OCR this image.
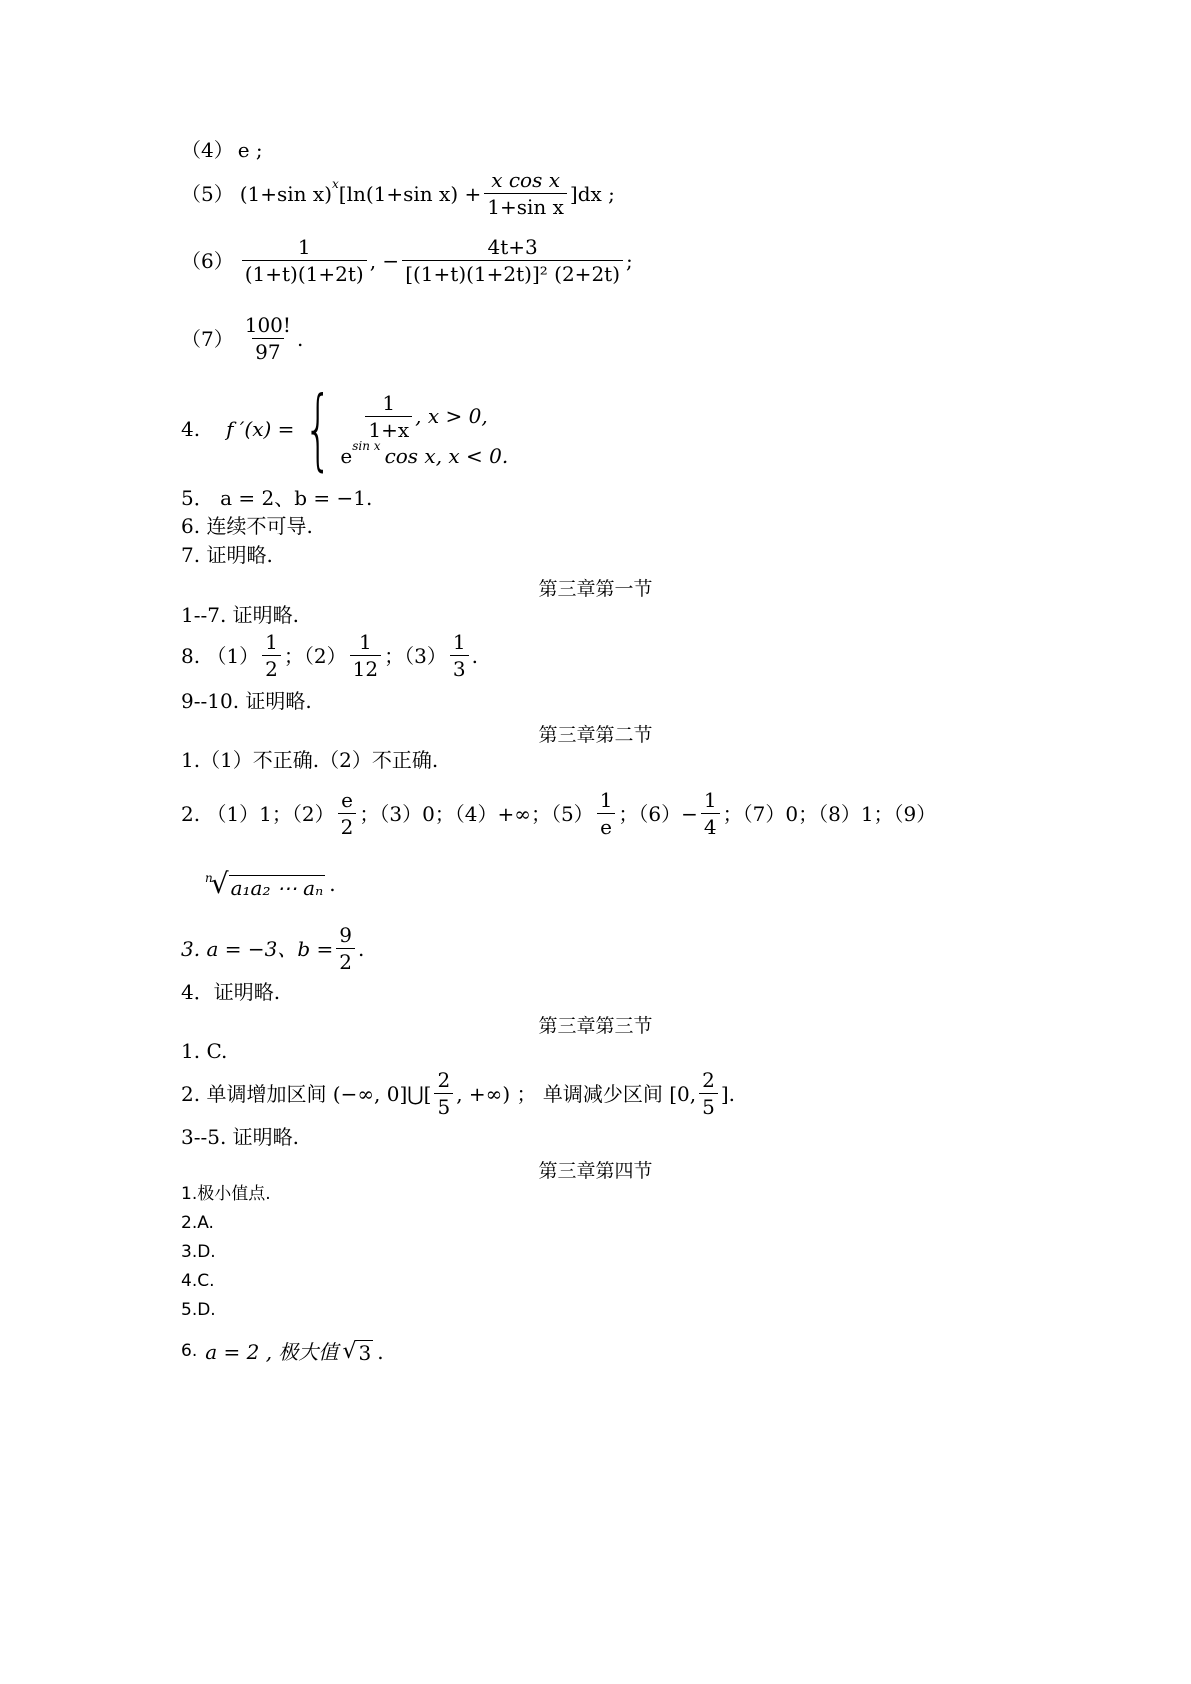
（4） e ;
（5） (1+sin x) x [ln(1+sin $x) + \frac{\text{x cos x}}{\text{1+sin x}} ]dx$ ;
$(6) \frac{1}{(1+t)(1+2t)}$ , − $\frac{4t+3}{\text{[(1+t)(1+2t)]² (2+2t)}}$ ;
$(7) \frac{100!}{97}$ .
4. f ′(x) = { $\frac{1}{1+x}$ , x > 0,
e sin x cos x, x < 0.
5． a = 2、b = −1.
6. 连续不可导.
7. 证明略.
第三章第一节
1--7. 证明略.
8. $(1) \frac{1}{2}$ ；$(2) \frac{1}{12}$ ；$(3) \frac{1}{3}$ .
9--10. 证明略.
第三章第二节
1.（1）不正确.（2）不正确.
2. （1）1；$(2) \frac{e}{2}$ ；（3）0；（4）+∞；$(5) \frac{1}{e}$ ；$(6)- \frac{1}{4}$ ；（7）0；（8）1；（9）
n
√ a₁a₂ ⋯ aₙ .
3. a = −3、$b = \frac{9}{2}$ .
4．证明略.
第三章第三节
1. C.
2. 单调增加区间 (−∞, 0]⋃[ $\frac{2}{5}$ , +∞) ； 单调减少区间 [0, $\frac{2}{5}$ ].
3--5. 证明略.
第三章第四节
1.极小值点.
2.A.
3.D.
4.C.
5.D.
6. a = 2 , 极大值 √ 3 .
